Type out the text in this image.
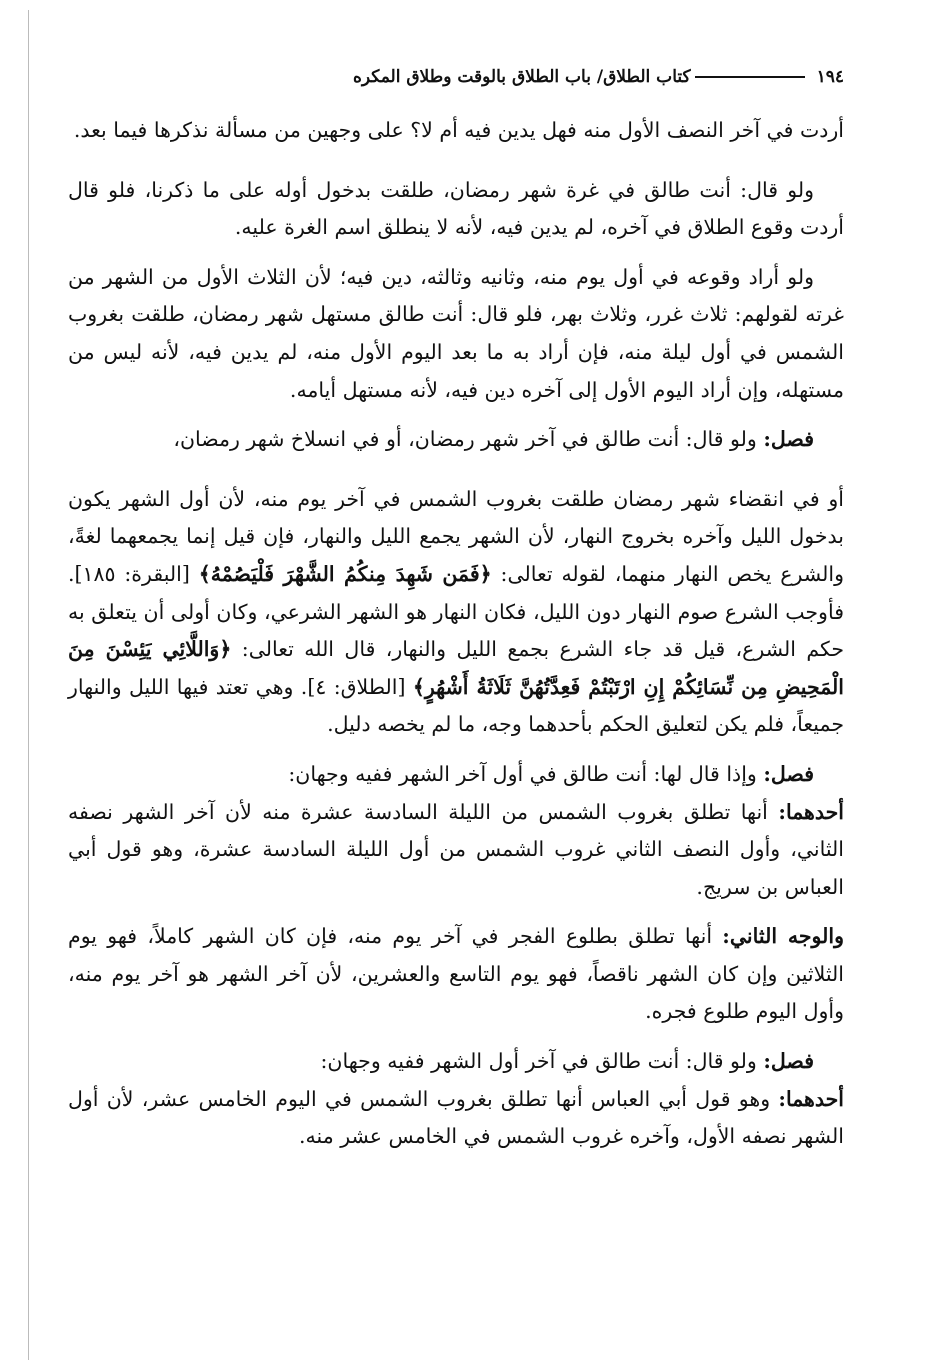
١٩٤
كتاب الطلاق/ باب الطلاق بالوقت وطلاق المكره

أردت في آخر النصف الأول منه فهل يدين فيه أم لا؟ على وجهين من مسألة نذكرها فيما بعد.

ولو قال: أنت طالق في غرة شهر رمضان، طلقت بدخول أوله على ما ذكرنا، فلو قال أردت وقوع الطلاق في آخره، لم يدين فيه، لأنه لا ينطلق اسم الغرة عليه.

ولو أراد وقوعه في أول يوم منه، وثانيه وثالثه، دين فيه؛ لأن الثلاث الأول من الشهر من غرته لقولهم: ثلاث غرر، وثلاث بهر، فلو قال: أنت طالق مستهل شهر رمضان، طلقت بغروب الشمس في أول ليلة منه، فإن أراد به ما بعد اليوم الأول منه، لم يدين فيه، لأنه ليس من مستهله، وإن أراد اليوم الأول إلى آخره دين فيه، لأنه مستهل أيامه.

فصل: ولو قال: أنت طالق في آخر شهر رمضان، أو في انسلاخ شهر رمضان،

أو في انقضاء شهر رمضان طلقت بغروب الشمس في آخر يوم منه، لأن أول الشهر يكون بدخول الليل وآخره بخروج النهار، لأن الشهر يجمع الليل والنهار، فإن قيل إنما يجمعهما لغةً، والشرع يخص النهار منهما، لقوله تعالى: ﴿فَمَن شَهِدَ مِنكُمُ الشَّهْرَ فَلْيَصُمْهُ﴾ [البقرة: ١٨٥]. فأوجب الشرع صوم النهار دون الليل، فكان النهار هو الشهر الشرعي، وكان أولى أن يتعلق به حكم الشرع، قيل قد جاء الشرع بجمع الليل والنهار، قال الله تعالى: ﴿وَاللَّائِي يَئِسْنَ مِنَ الْمَحِيضِ مِن نِّسَائِكُمْ إِنِ ارْتَبْتُمْ فَعِدَّتُهُنَّ ثَلَاثَةُ أَشْهُرٍ﴾ [الطلاق: ٤]. وهي تعتد فيها الليل والنهار جميعاً، فلم يكن لتعليق الحكم بأحدهما وجه، ما لم يخصه دليل.

فصل: وإذا قال لها: أنت طالق في أول آخر الشهر ففيه وجهان:

أحدهما: أنها تطلق بغروب الشمس من الليلة السادسة عشرة منه لأن آخر الشهر نصفه الثاني، وأول النصف الثاني غروب الشمس من أول الليلة السادسة عشرة، وهو قول أبي العباس بن سريج.

والوجه الثاني: أنها تطلق بطلوع الفجر في آخر يوم منه، فإن كان الشهر كاملاً، فهو يوم الثلاثين وإن كان الشهر ناقصاً، فهو يوم التاسع والعشرين، لأن آخر الشهر هو آخر يوم منه، وأول اليوم طلوع فجره.

فصل: ولو قال: أنت طالق في آخر أول الشهر ففيه وجهان:

أحدهما: وهو قول أبي العباس أنها تطلق بغروب الشمس في اليوم الخامس عشر، لأن أول الشهر نصفه الأول، وآخره غروب الشمس في الخامس عشر منه.
